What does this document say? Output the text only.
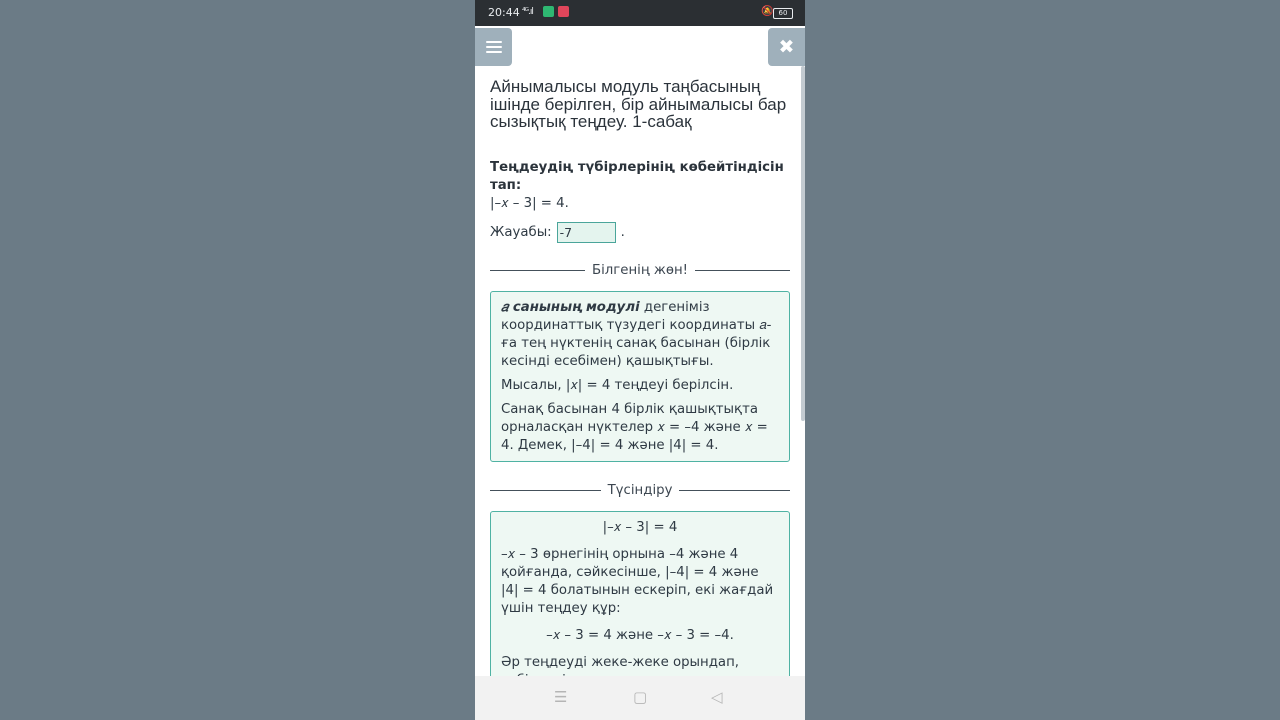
20:44 ⁴ᴳ.ıl	🔕 60
✖
Айнымалысы модуль таңбасының ішінде берілген, бір айнымалысы бар сызықтық теңдеу. 1-сабақ
Теңдеудің түбірлерінің көбейтіндісін тап:
|–𝑥 – 3| = 4.
Жауабы: -7	.
Білгенің жөн!

𝑎 санының модулі дегеніміз координаттық түзудегі координаты 𝑎-ға тең нүктенің санақ басынан (бірлік кесінді есебімен) қашықтығы.

Мысалы, |𝑥| = 4 теңдеуі берілсін.

Санақ басынан 4 бірлік қашықтықта орналасқан нүктелер 𝑥 = –4 және 𝑥 = 4. Демек, |–4| = 4 және |4| = 4.

Түсіндіру

|–𝑥 – 3| = 4

–𝑥 – 3 өрнегінің орнына –4 және 4 қойғанда, сәйкесінше, |–4| = 4 және |4| = 4 болатынын ескеріп, екі жағдай үшін теңдеу құр:

–𝑥 – 3 = 4 және –𝑥 – 3 = –4.

Әр теңдеуді жеке-жеке орындап,

☰	▢	◁
